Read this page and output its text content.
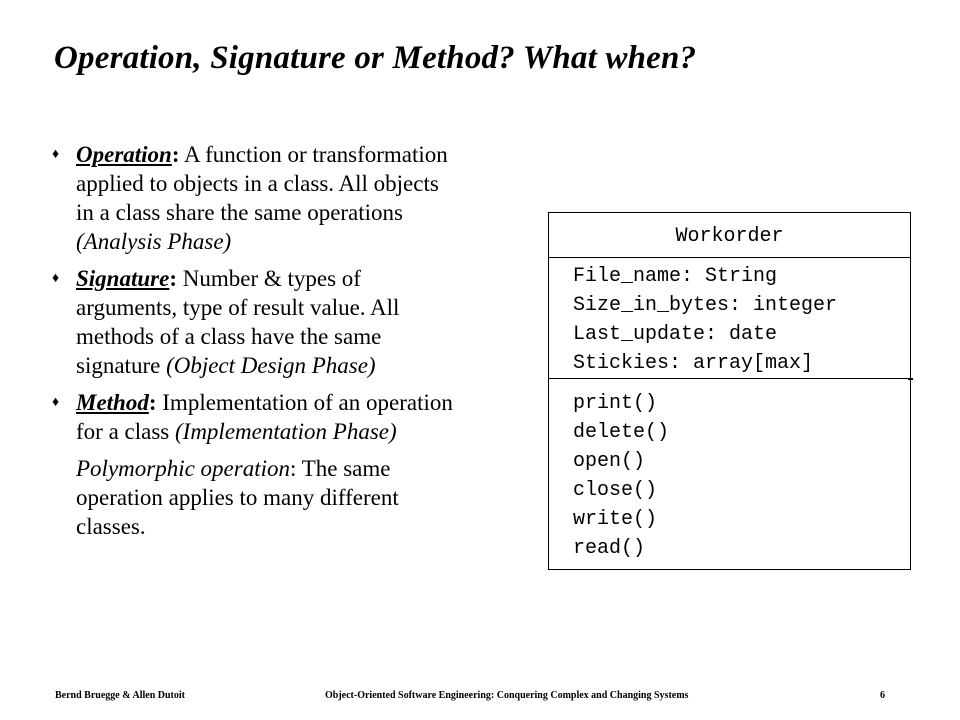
Operation, Signature or Method? What when?
♦ Operation: A function or transformation applied to objects in a class. All objects in a class share the same operations (Analysis Phase)
♦ Signature: Number & types of arguments, type of result value. All methods of a class have the same signature (Object Design Phase)
♦ Method: Implementation of an operation for a class (Implementation Phase)
Polymorphic operation: The same operation applies to many different classes.
Workorder
File_name: String
Size_in_bytes: integer
Last_update: date
Stickies: array[max]
print()
delete()
open()
close()
write()
read()
Bernd Bruegge & Allen Dutoit	Object-Oriented Software Engineering: Conquering Complex and Changing Systems	6
